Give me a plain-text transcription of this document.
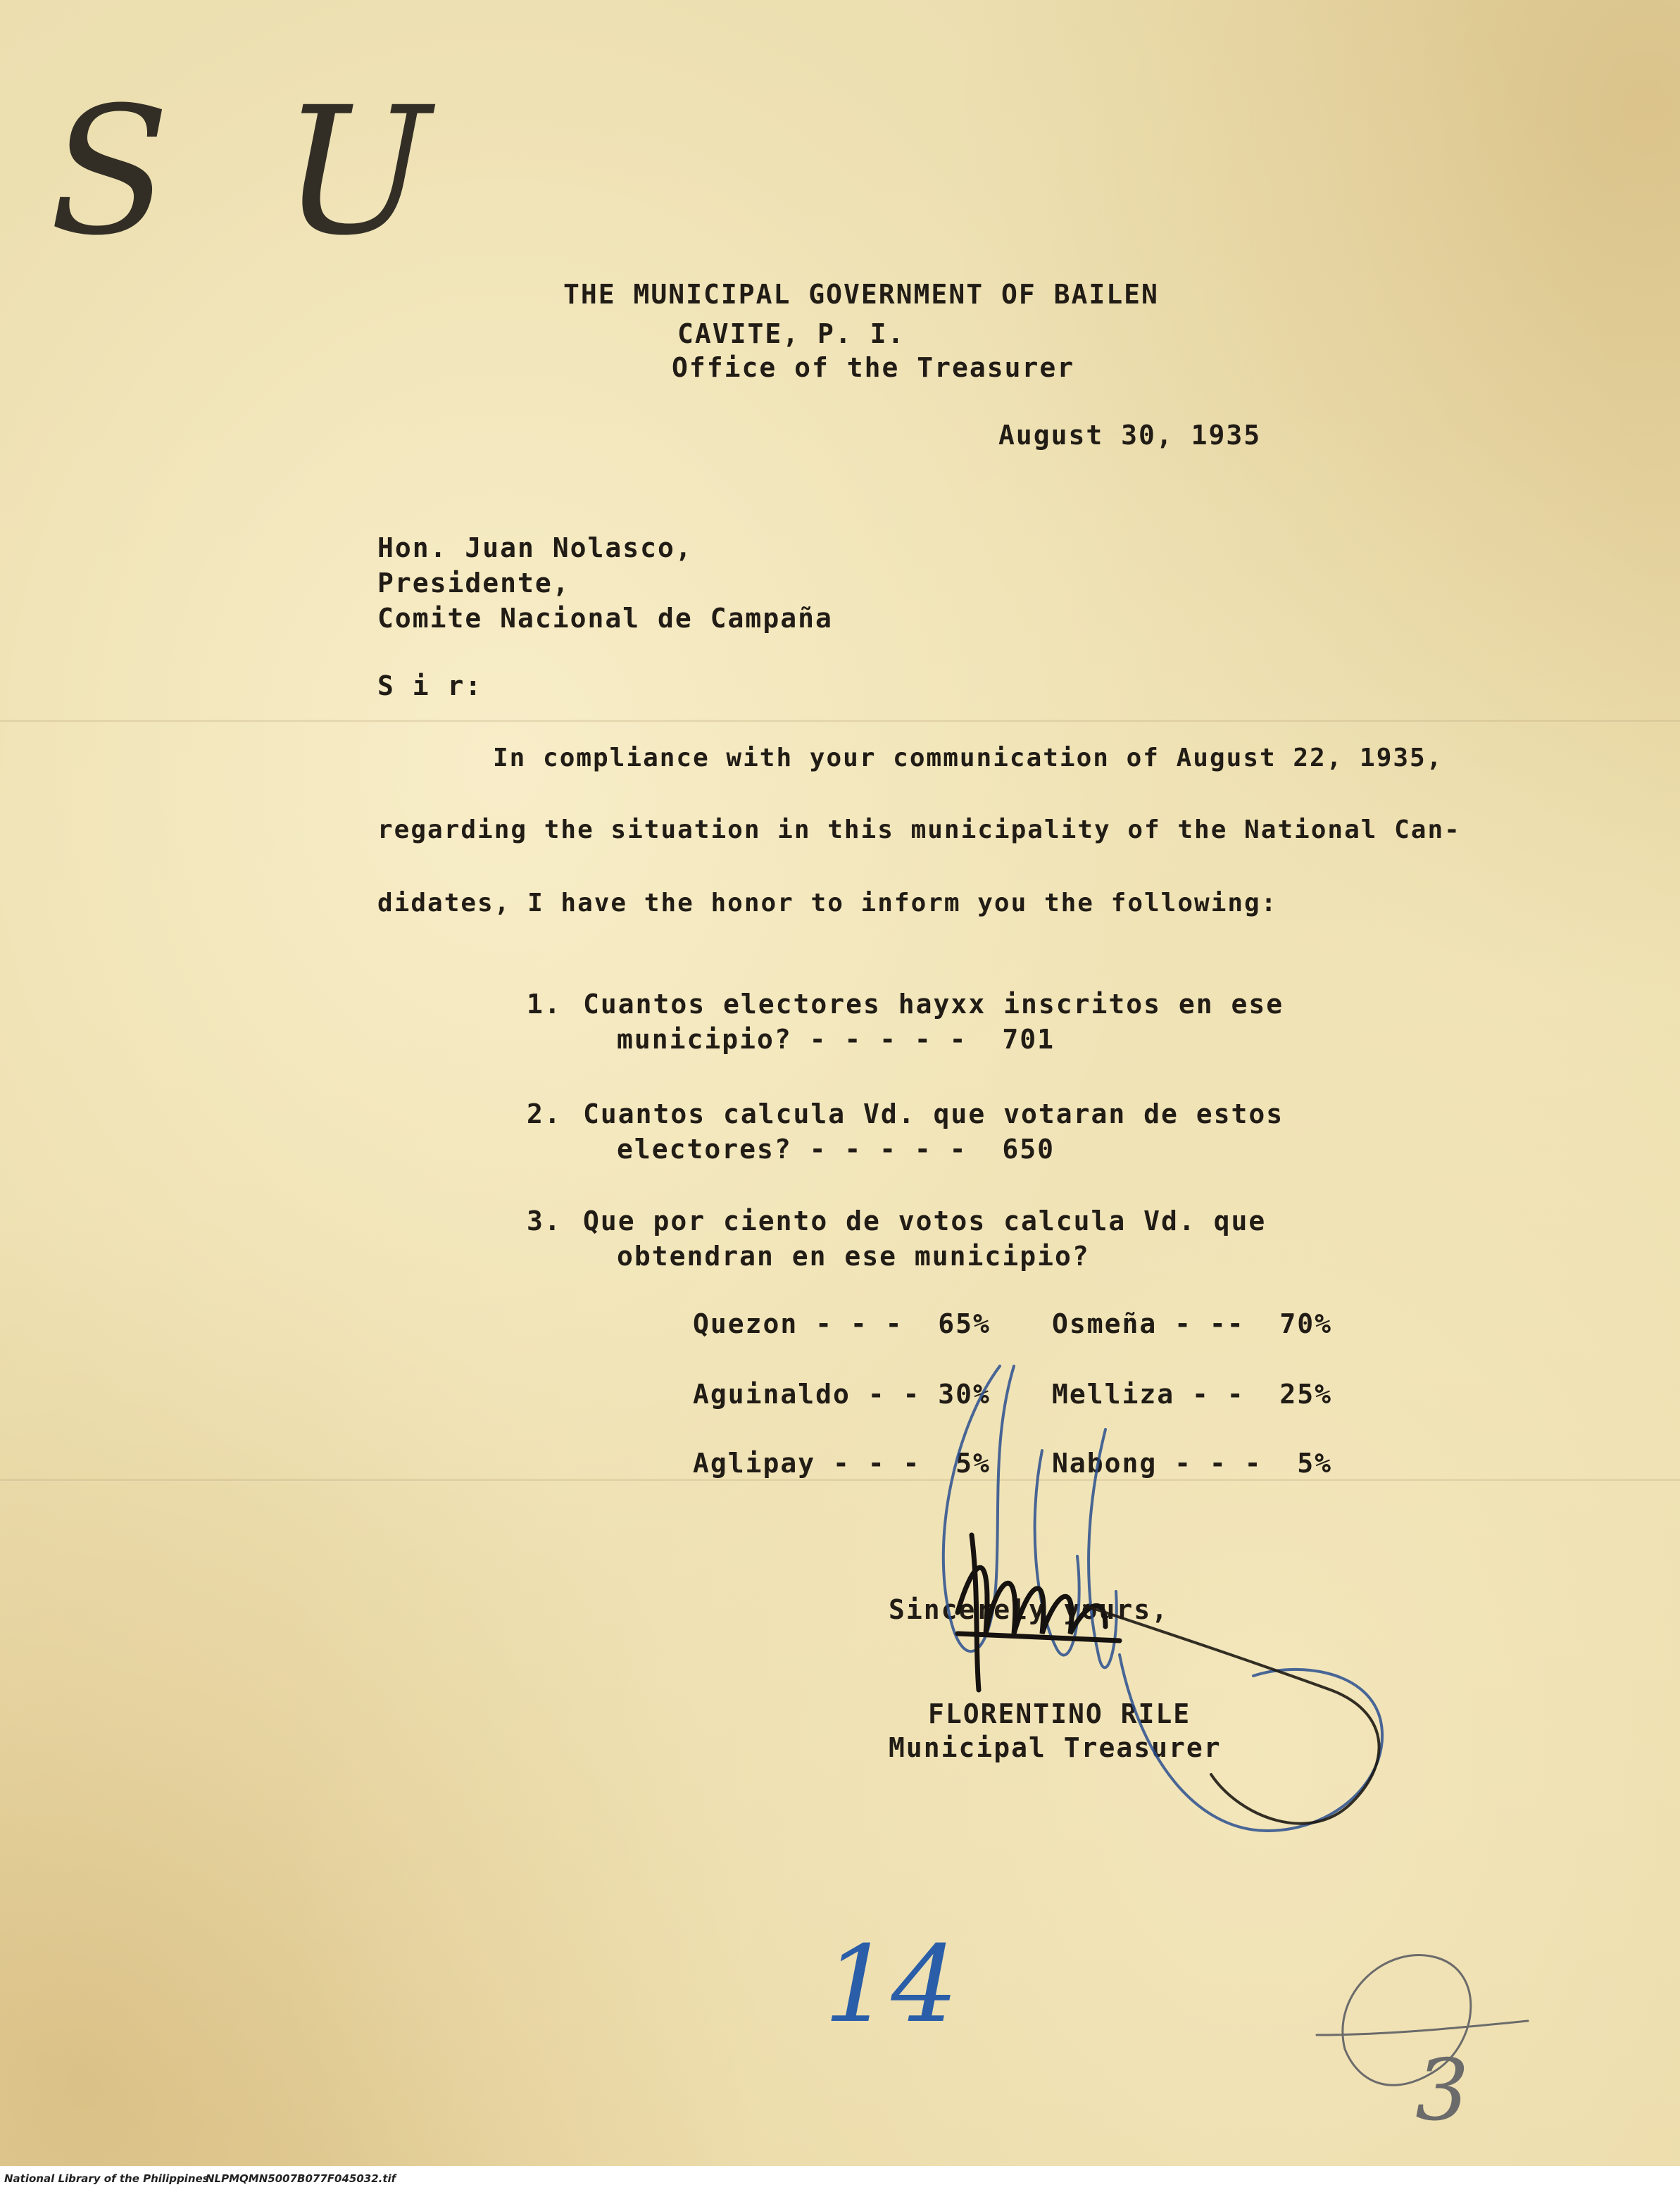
S U
THE MUNICIPAL GOVERNMENT OF BAILEN
CAVITE, P. I.
Office of the Treasurer
August 30, 1935
Hon. Juan Nolasco,
Presidente,
Comite Nacional de Campaña
S i r:
In compliance with your communication of August 22, 1935,
regarding the situation in this municipality of the National Can-
didates, I have the honor to inform you the following:
1. Cuantos electores hayxx inscritos en ese
municipio? - - - - -  701
2. Cuantos calcula Vd. que votaran de estos
electores? - - - - -  650
3. Que por ciento de votos calcula Vd. que
obtendran en ese municipio?
Quezon - - -  65% Osmeña - --  70%
Aguinaldo - - 30% Melliza - -  25%
Aglipay - - -  5% Nabong - - -  5%
Sincerely yours,
FLORENTINO RILE
Municipal Treasurer
14
3
National Library of the Philippines
NLPMQMN5007B077F045032.tif
